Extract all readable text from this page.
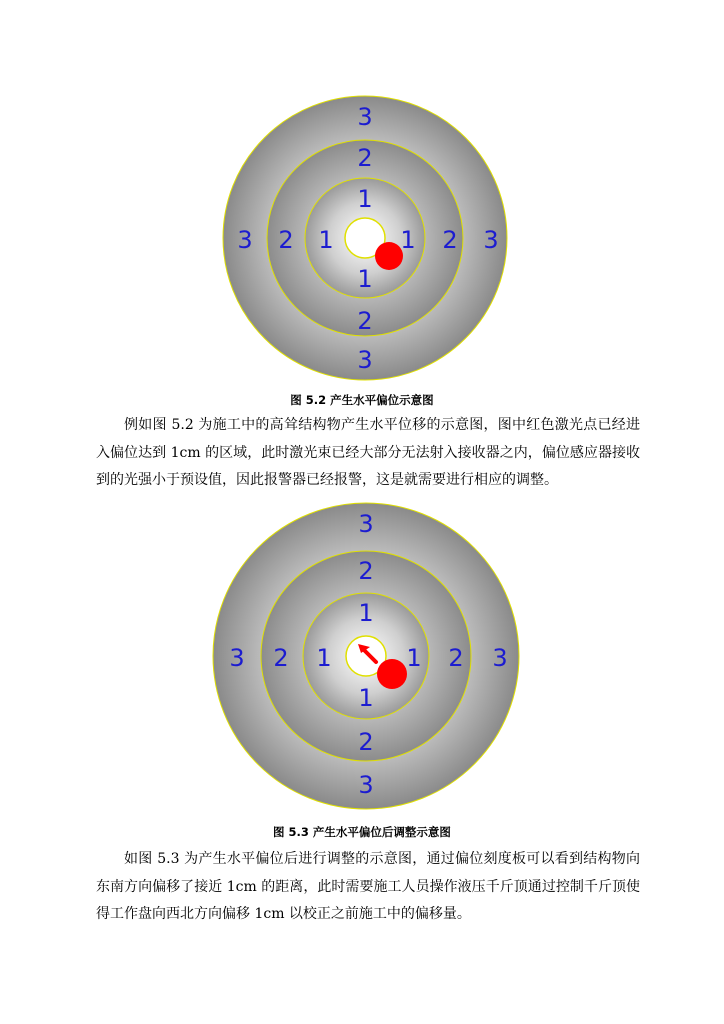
3
2
1
1
2
3
3 2 1	1 2 3
图 5.2 产生水平偏位示意图

例如图 5.2 为施工中的高耸结构物产生水平位移的示意图，图中红色激光点已经进入偏位达到 1cm 的区域，此时激光束已经大部分无法射入接收器之内，偏位感应器接收到的光强小于预设值，因此报警器已经报警，这是就需要进行相应的调整。

3
2
1
1
2
3
3 2 1	1 2 3
图 5.3 产生水平偏位后调整示意图

如图 5.3 为产生水平偏位后进行调整的示意图，通过偏位刻度板可以看到结构物向东南方向偏移了接近 1cm 的距离，此时需要施工人员操作液压千斤顶通过控制千斤顶使得工作盘向西北方向偏移 1cm 以校正之前施工中的偏移量。
